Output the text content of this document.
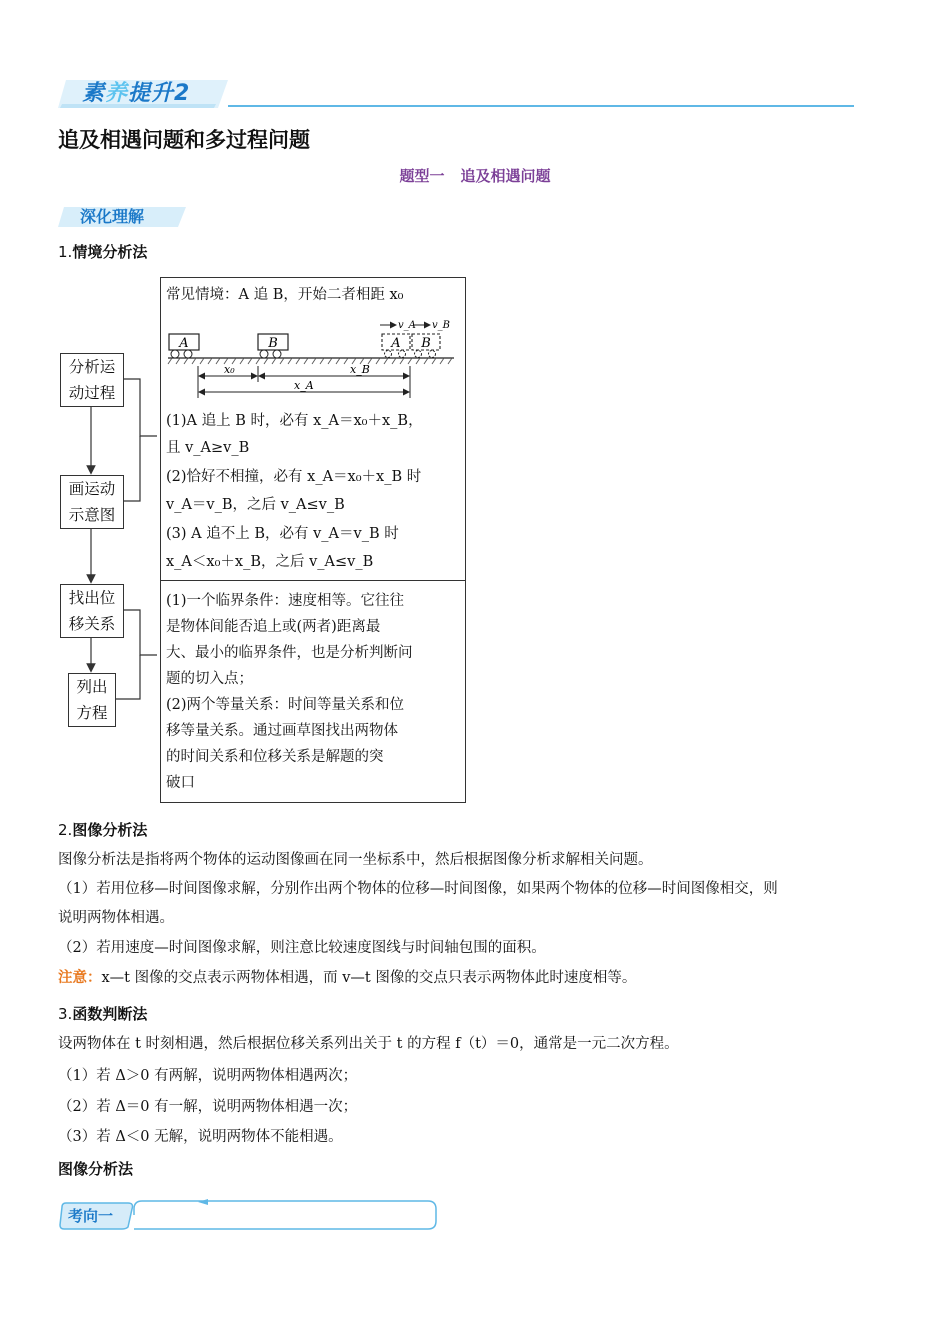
素养提升2
追及相遇问题和多过程问题
题型一 追及相遇问题
深化理解
1.情境分析法
分析运
动过程
画运动
示意图
找出位
移关系
列出
方程
常见情境：A 追 B，开始二者相距 x₀
A	B	A B
v_A v_B
x₀	x_B
x_A
(1)A 追上 B 时，必有 x_A＝x₀＋x_B，
且 v_A≥v_B
(2)恰好不相撞，必有 x_A＝x₀＋x_B 时
v_A＝v_B，之后 v_A≤v_B
(3) A 追不上 B，必有 v_A＝v_B 时
x_A＜x₀＋x_B，之后 v_A≤v_B
(1)一个临界条件：速度相等。它往往
是物体间能否追上或(两者)距离最
大、最小的临界条件，也是分析判断问
题的切入点；
(2)两个等量关系：时间等量关系和位
移等量关系。通过画草图找出两物体
的时间关系和位移关系是解题的突
破口
2.图像分析法
图像分析法是指将两个物体的运动图像画在同一坐标系中，然后根据图像分析求解相关问题。
（1）若用位移—时间图像求解，分别作出两个物体的位移—时间图像，如果两个物体的位移—时间图像相交，则
说明两物体相遇。
（2）若用速度—时间图像求解，则注意比较速度图线与时间轴包围的面积。
注意：x—t 图像的交点表示两物体相遇，而 v—t 图像的交点只表示两物体此时速度相等。
3.函数判断法
设两物体在 t 时刻相遇，然后根据位移关系列出关于 t 的方程 f（t）＝0，通常是一元二次方程。
（1）若 Δ＞0 有两解，说明两物体相遇两次；
（2）若 Δ＝0 有一解，说明两物体相遇一次；
（3）若 Δ＜0 无解，说明两物体不能相遇。
图像分析法
考向一
